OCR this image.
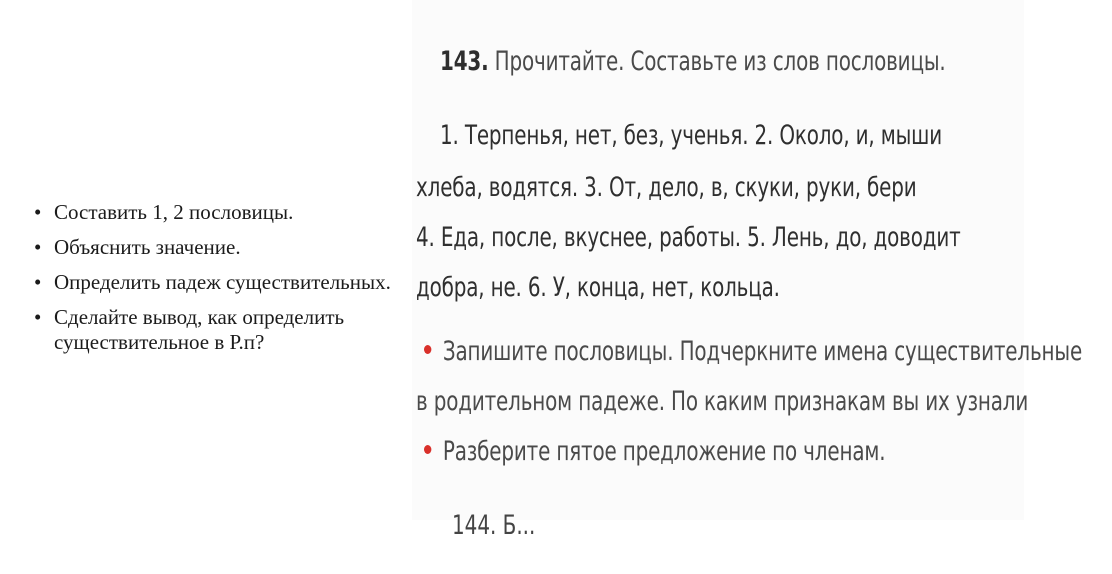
• Составить 1, 2 пословицы.
• Объяснить значение.
• Определить падеж существительных.
• Сделайте вывод, как определить существительное в Р.п?
143. Прочитайте. Составьте из слов пословицы.
1. Терпенья, нет, без, ученья. 2. Около, и, мыши
хлеба, водятся. 3. От, дело, в, скуки, руки, бери
4. Еда, после, вкуснее, работы. 5. Лень, до, доводит
добра, не. 6. У, конца, нет, кольца.
Запишите пословицы. Подчеркните имена существительные
в родительном падеже. По каким признакам вы их узнали
Разберите пятое предложение по членам.
144. Б...
